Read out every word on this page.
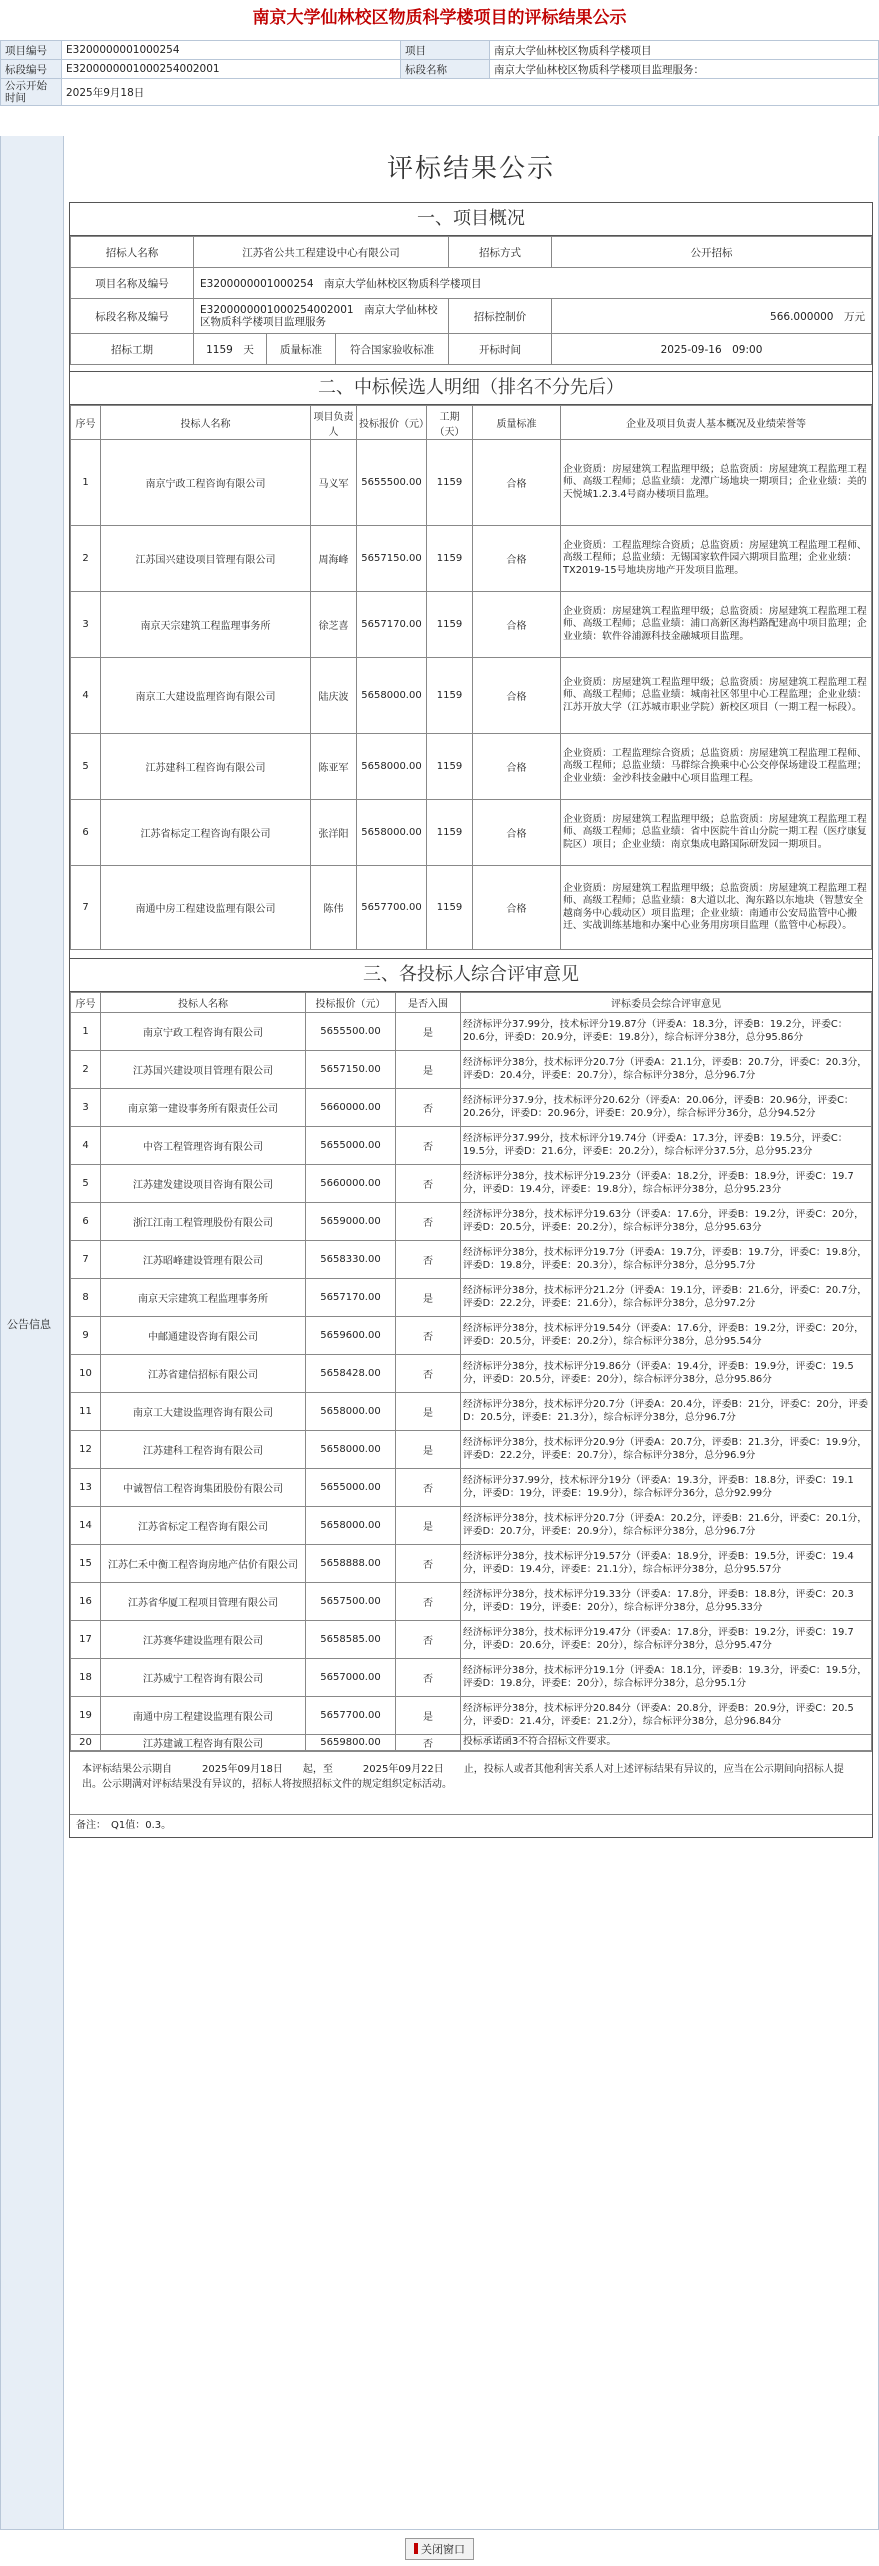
南京大学仙林校区物质科学楼项目的评标结果公示
项目编号	E3200000001000254	项目	南京大学仙林校区物质科学楼项目
标段编号	E3200000001000254002001	标段名称	南京大学仙林校区物质科学楼项目监理服务：
公示开始时间	2025年9月18日		
公告信息
评标结果公示
一、项目概况
招标人名称	江苏省公共工程建设中心有限公司			招标方式	公开招标
项目名称及编号	E3200000001000254　南京大学仙林校区物质科学楼项目				
标段名称及编号	E3200000001000254002001　南京大学仙林校区物质科学楼项目监理服务			招标控制价	566.000000　万元
招标工期	1159　天	质量标准	符合国家验收标准	开标时间	2025-09-16　09:00
二、中标候选人明细（排名不分先后）
序号	投标人名称	项目负责人	投标报价（元）	工期（天）	质量标准	企业及项目负责人基本概况及业绩荣誉等
1	南京宁政工程咨询有限公司	马义军	5655500.00	1159	合格	企业资质：房屋建筑工程监理甲级；总监资质：房屋建筑工程监理工程师、高级工程师；总监业绩：龙潭广场地块一期项目；企业业绩：美的天悦城1.2.3.4号商办楼项目监理。
2	江苏国兴建设项目管理有限公司	周海峰	5657150.00	1159	合格	企业资质：工程监理综合资质；总监资质：房屋建筑工程监理工程师、高级工程师；总监业绩：无锡国家软件园六期项目监理；企业业绩：TX2019-15号地块房地产开发项目监理。
3	南京天宗建筑工程监理事务所	徐芝喜	5657170.00	1159	合格	企业资质：房屋建筑工程监理甲级；总监资质：房屋建筑工程监理工程师、高级工程师；总监业绩：浦口高新区海档路配建高中项目监理；企业业绩：软件谷浦源科技金融城项目监理。
4	南京工大建设监理咨询有限公司	陆庆波	5658000.00	1159	合格	企业资质：房屋建筑工程监理甲级；总监资质：房屋建筑工程监理工程师、高级工程师；总监业绩：城南社区邻里中心工程监理；企业业绩：江苏开放大学（江苏城市职业学院）新校区项目（一期工程一标段）。
5	江苏建科工程咨询有限公司	陈亚军	5658000.00	1159	合格	企业资质：工程监理综合资质；总监资质：房屋建筑工程监理工程师、高级工程师；总监业绩：马群综合换乘中心公交停保场建设工程监理；企业业绩：金沙科技金融中心项目监理工程。
6	江苏省标定工程咨询有限公司	张洋阳	5658000.00	1159	合格	企业资质：房屋建筑工程监理甲级；总监资质：房屋建筑工程监理工程师、高级工程师；总监业绩：省中医院牛首山分院一期工程（医疗康复院区）项目；企业业绩：南京集成电路国际研发园一期项目。
7	南通中房工程建设监理有限公司	陈伟	5657700.00	1159	合格	企业资质：房屋建筑工程监理甲级；总监资质：房屋建筑工程监理工程师、高级工程师；总监业绩：8大道以北、淘东路以东地块（智慧安全越商务中心载动区）项目监理；企业业绩：南通市公安局监管中心搬迁、实战训练基地和办案中心业务用房项目监理（监管中心标段）。
三、各投标人综合评审意见
序号	投标人名称	投标报价（元）	是否入围	评标委员会综合评审意见
1	南京宁政工程咨询有限公司	5655500.00	是	经济标评分37.99分，技术标评分19.87分（评委A：18.3分，评委B：19.2分，评委C：20.6分，评委D：20.9分，评委E：19.8分），综合标评分38分，总分95.86分
2	江苏国兴建设项目管理有限公司	5657150.00	是	经济标评分38分，技术标评分20.7分（评委A：21.1分，评委B：20.7分，评委C：20.3分，评委D：20.4分，评委E：20.7分），综合标评分38分，总分96.7分
3	南京第一建设事务所有限责任公司	5660000.00	否	经济标评分37.9分，技术标评分20.62分（评委A：20.06分，评委B：20.96分，评委C：20.26分，评委D：20.96分，评委E：20.9分），综合标评分36分，总分94.52分
4	中咨工程管理咨询有限公司	5655000.00	否	经济标评分37.99分，技术标评分19.74分（评委A：17.3分，评委B：19.5分，评委C：19.5分，评委D：21.6分，评委E：20.2分），综合标评分37.5分，总分95.23分
5	江苏建发建设项目咨询有限公司	5660000.00	否	经济标评分38分，技术标评分19.23分（评委A：18.2分，评委B：18.9分，评委C：19.7分，评委D：19.4分，评委E：19.8分），综合标评分38分，总分95.23分
6	浙江江南工程管理股份有限公司	5659000.00	否	经济标评分38分，技术标评分19.63分（评委A：17.6分，评委B：19.2分，评委C：20分，评委D：20.5分，评委E：20.2分），综合标评分38分，总分95.63分
7	江苏昭峰建设管理有限公司	5658330.00	否	经济标评分38分，技术标评分19.7分（评委A：19.7分，评委B：19.7分，评委C：19.8分，评委D：19.8分，评委E：20.3分），综合标评分38分，总分95.7分
8	南京天宗建筑工程监理事务所	5657170.00	是	经济标评分38分，技术标评分21.2分（评委A：19.1分，评委B：21.6分，评委C：20.7分，评委D：22.2分，评委E：21.6分），综合标评分38分，总分97.2分
9	中邮通建设咨询有限公司	5659600.00	否	经济标评分38分，技术标评分19.54分（评委A：17.6分，评委B：19.2分，评委C：20分，评委D：20.5分，评委E：20.2分），综合标评分38分，总分95.54分
10	江苏省建信招标有限公司	5658428.00	否	经济标评分38分，技术标评分19.86分（评委A：19.4分，评委B：19.9分，评委C：19.5分，评委D：20.5分，评委E：20分），综合标评分38分，总分95.86分
11	南京工大建设监理咨询有限公司	5658000.00	是	经济标评分38分，技术标评分20.7分（评委A：20.4分，评委B：21分，评委C：20分，评委D：20.5分，评委E：21.3分），综合标评分38分，总分96.7分
12	江苏建科工程咨询有限公司	5658000.00	是	经济标评分38分，技术标评分20.9分（评委A：20.7分，评委B：21.3分，评委C：19.9分，评委D：22.2分，评委E：20.7分），综合标评分38分，总分96.9分
13	中诚智信工程咨询集团股份有限公司	5655000.00	否	经济标评分37.99分，技术标评分19分（评委A：19.3分，评委B：18.8分，评委C：19.1分，评委D：19分，评委E：19.9分），综合标评分36分，总分92.99分
14	江苏省标定工程咨询有限公司	5658000.00	是	经济标评分38分，技术标评分20.7分（评委A：20.2分，评委B：21.6分，评委C：20.1分，评委D：20.7分，评委E：20.9分），综合标评分38分，总分96.7分
15	江苏仁禾中衡工程咨询房地产估价有限公司	5658888.00	否	经济标评分38分，技术标评分19.57分（评委A：18.9分，评委B：19.5分，评委C：19.4分，评委D：19.4分，评委E：21.1分），综合标评分38分，总分95.57分
16	江苏省华厦工程项目管理有限公司	5657500.00	否	经济标评分38分，技术标评分19.33分（评委A：17.8分，评委B：18.8分，评委C：20.3分，评委D：19分，评委E：20分），综合标评分38分，总分95.33分
17	江苏赛华建设监理有限公司	5658585.00	否	经济标评分38分，技术标评分19.47分（评委A：17.8分，评委B：19.2分，评委C：19.7分，评委D：20.6分，评委E：20分），综合标评分38分，总分95.47分
18	江苏威宁工程咨询有限公司	5657000.00	否	经济标评分38分，技术标评分19.1分（评委A：18.1分，评委B：19.3分，评委C：19.5分，评委D：19.8分，评委E：20分），综合标评分38分，总分95.1分
19	南通中房工程建设监理有限公司	5657700.00	是	经济标评分38分，技术标评分20.84分（评委A：20.8分，评委B：20.9分，评委C：20.5分，评委D：21.4分，评委E：21.2分），综合标评分38分，总分96.84分
20	江苏建诚工程咨询有限公司	5659800.00	否	投标承诺函3不符合招标文件要求。
本评标结果公示期自　　　2025年09月18日　　起，至　　　2025年09月22日　　止，投标人或者其他利害关系人对上述评标结果有异议的，应当在公示期间向招标人提出。公示期满对评标结果没有异议的，招标人将按照招标文件的规定组织定标活动。
备注：　Q1值：0.3。
关闭窗口
